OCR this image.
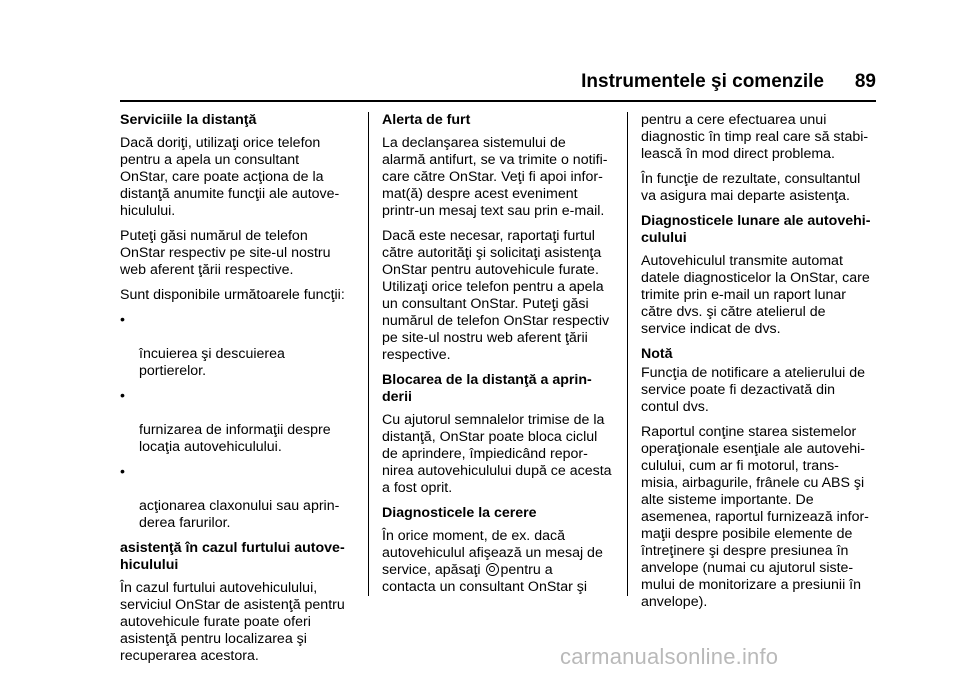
Instrumentele şi comenzile 89

Serviciile la distanţă

Dacă doriţi, utilizaţi orice telefon
pentru a apela un consultant
OnStar, care poate acţiona de la
distanţă anumite funcţii ale autove-
hiculului.

Puteţi găsi numărul de telefon
OnStar respectiv pe site-ul nostru
web aferent ţării respective.

Sunt disponibile următoarele funcţii:

•

încuierea şi descuierea
portierelor.

•

furnizarea de informaţii despre
locaţia autovehiculului.

•

acţionarea claxonului sau aprin-
derea farurilor.

asistenţă în cazul furtului autove-
hiculului

În cazul furtului autovehiculului,
serviciul OnStar de asistenţă pentru
autovehicule furate poate oferi
asistenţă pentru localizarea şi
recuperarea acestora.

Alerta de furt

La declanşarea sistemului de
alarmă antifurt, se va trimite o notifi-
care către OnStar. Veţi fi apoi infor-
mat(ă) despre acest eveniment
printr-un mesaj text sau prin e-mail.

Dacă este necesar, raportaţi furtul
către autorităţi şi solicitaţi asistenţa
OnStar pentru autovehicule furate.
Utilizaţi orice telefon pentru a apela
un consultant OnStar. Puteţi găsi
numărul de telefon OnStar respectiv
pe site-ul nostru web aferent ţării
respective.

Blocarea de la distanţă a aprin-
derii

Cu ajutorul semnalelor trimise de la
distanţă, OnStar poate bloca ciclul
de aprindere, împiedicând repor-
nirea autovehiculului după ce acesta
a fost oprit.

Diagnosticele la cerere

În orice moment, de ex. dacă
autovehiculul afişează un mesaj de
service, apăsaţi pentru a
contacta un consultant OnStar şi

pentru a cere efectuarea unui
diagnostic în timp real care să stabi-
lească în mod direct problema.

În funcţie de rezultate, consultantul
va asigura mai departe asistenţa.

Diagnosticele lunare ale autovehi-
culului

Autovehiculul transmite automat
datele diagnosticelor la OnStar, care
trimite prin e-mail un raport lunar
către dvs. şi către atelierul de
service indicat de dvs.

Notă

Funcţia de notificare a atelierului de
service poate fi dezactivată din
contul dvs.

Raportul conţine starea sistemelor
operaţionale esenţiale ale autovehi-
culului, cum ar fi motorul, trans-
misia, airbagurile, frânele cu ABS şi
alte sisteme importante. De
asemenea, raportul furnizează infor-
maţii despre posibile elemente de
întreţinere şi despre presiunea în
anvelope (numai cu ajutorul siste-
mului de monitorizare a presiunii în
anvelope).

carmanualsonline.info
